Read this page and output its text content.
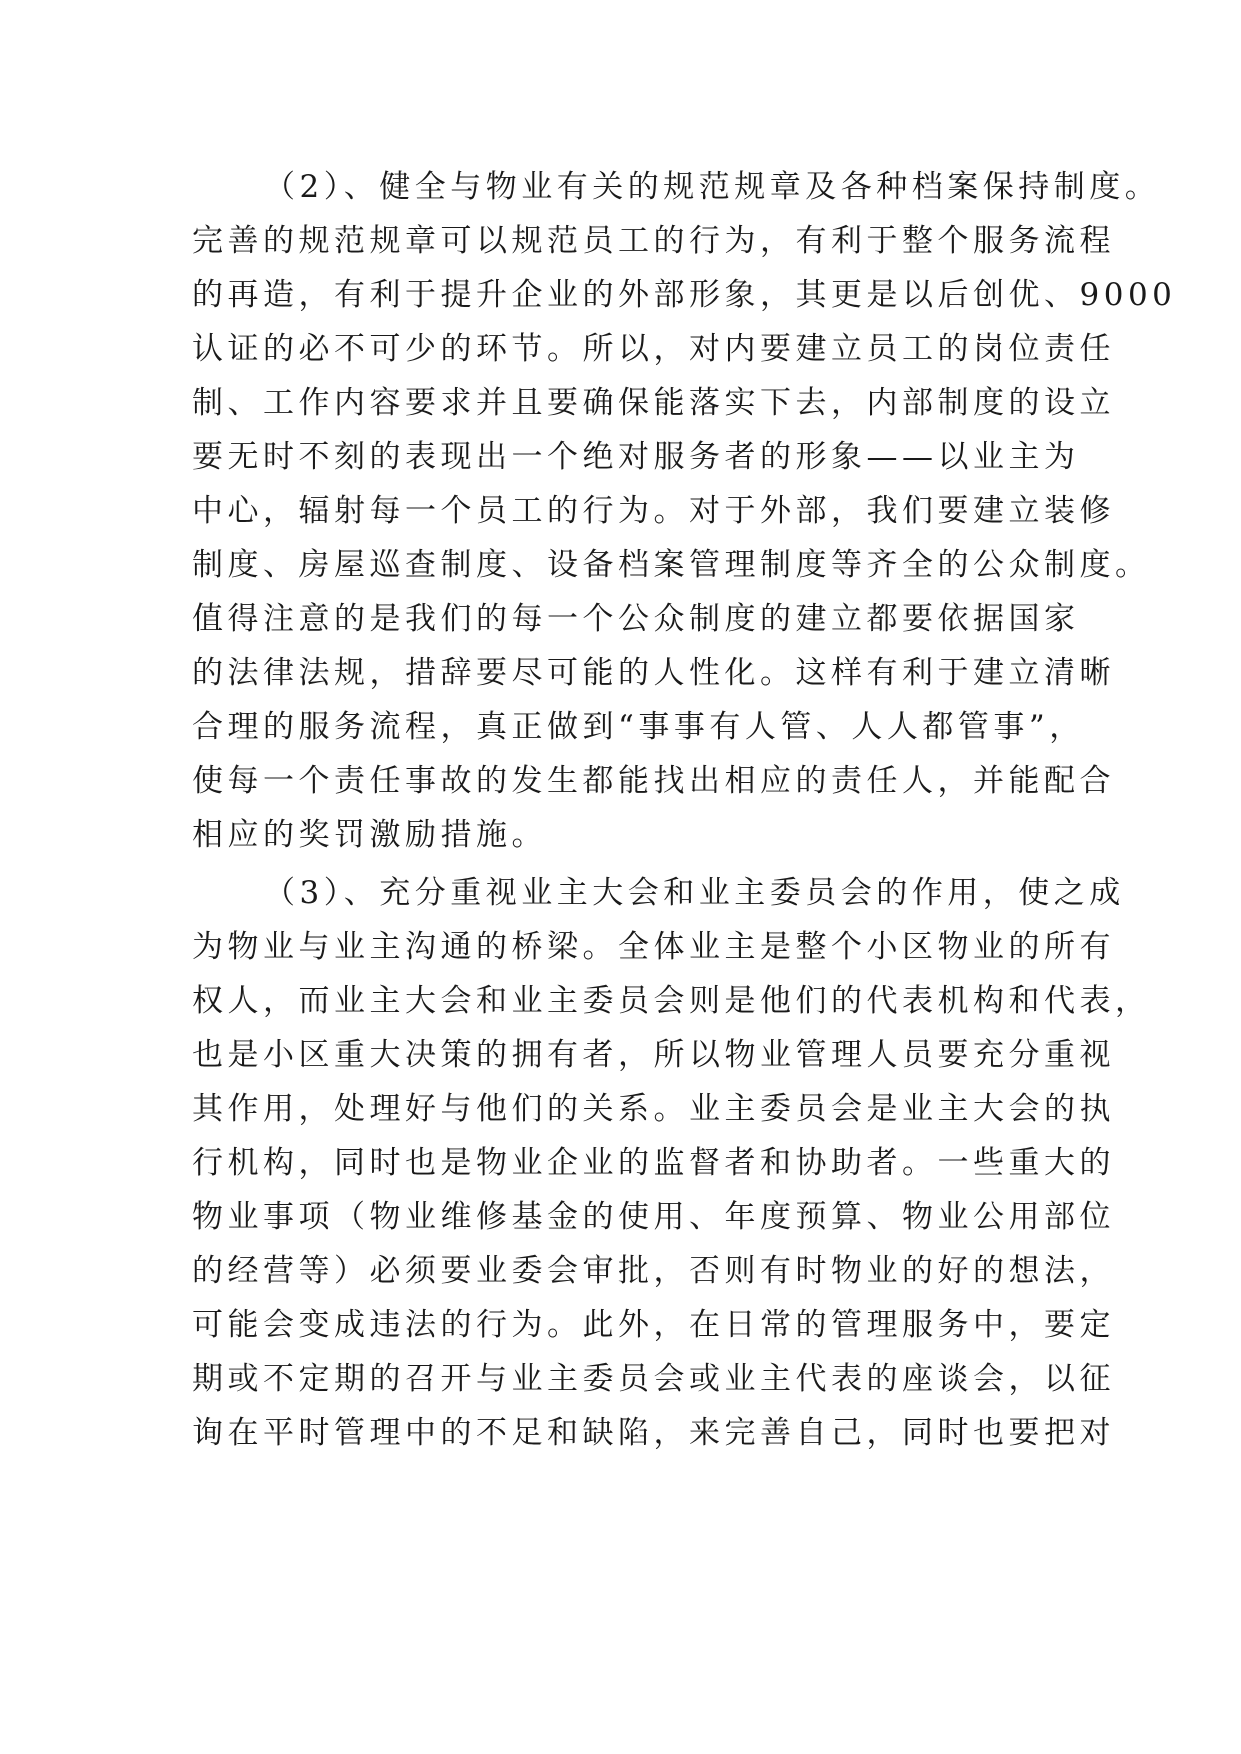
（2）、健全与物业有关的规范规章及各种档案保持制度。
完善的规范规章可以规范员工的行为，有利于整个服务流程
的再造，有利于提升企业的外部形象，其更是以后创优、9000
认证的必不可少的环节。所以，对内要建立员工的岗位责任
制、工作内容要求并且要确保能落实下去，内部制度的设立
要无时不刻的表现出一个绝对服务者的形象——以业主为
中心，辐射每一个员工的行为。对于外部，我们要建立装修
制度、房屋巡查制度、设备档案管理制度等齐全的公众制度。
值得注意的是我们的每一个公众制度的建立都要依据国家
的法律法规，措辞要尽可能的人性化。这样有利于建立清晰
合理的服务流程，真正做到“事事有人管、人人都管事”，
使每一个责任事故的发生都能找出相应的责任人，并能配合
相应的奖罚激励措施。
（3）、充分重视业主大会和业主委员会的作用，使之成
为物业与业主沟通的桥梁。全体业主是整个小区物业的所有
权人，而业主大会和业主委员会则是他们的代表机构和代表，
也是小区重大决策的拥有者，所以物业管理人员要充分重视
其作用，处理好与他们的关系。业主委员会是业主大会的执
行机构，同时也是物业企业的监督者和协助者。一些重大的
物业事项（物业维修基金的使用、年度预算、物业公用部位
的经营等）必须要业委会审批，否则有时物业的好的想法，
可能会变成违法的行为。此外，在日常的管理服务中，要定
期或不定期的召开与业主委员会或业主代表的座谈会，以征
询在平时管理中的不足和缺陷，来完善自己，同时也要把对
